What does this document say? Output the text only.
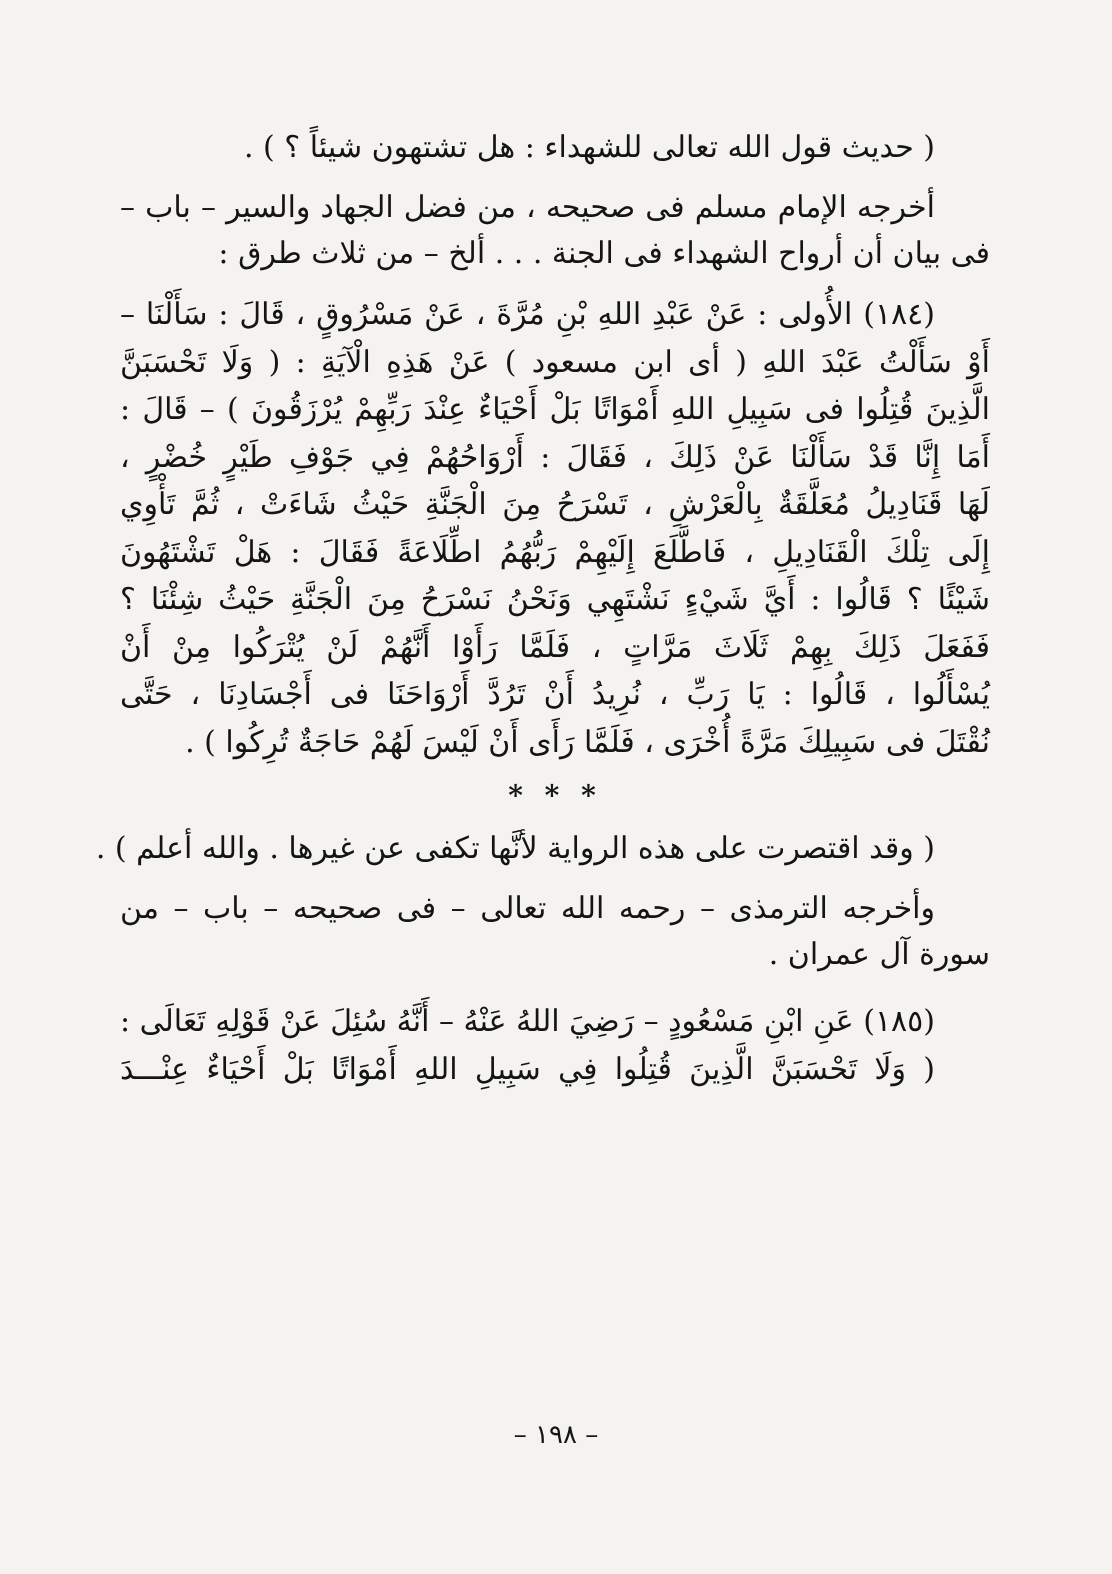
( حديث قول الله تعالى للشهداء : هل تشتهون شيئاً ؟ ) .

أخرجه الإمام مسلم فى صحيحه ، من فضل الجهاد والسير – باب –
فى بيان أن أرواح الشهداء فى الجنة . . . ألخ – من ثلاث طرق :

(١٨٤) الأُولى : عَنْ عَبْدِ اللهِ بْنِ مُرَّةَ ، عَنْ مَسْرُوقٍ ، قَالَ : سَأَلْنَا –
أَوْ سَأَلْتُ عَبْدَ اللهِ ( أى ابن مسعود ) عَنْ هَذِهِ الْآيَةِ : ( وَلَا تَحْسَبَنَّ
الَّذِينَ قُتِلُوا فى سَبِيلِ اللهِ أَمْوَاتًا بَلْ أَحْيَاءٌ عِنْدَ رَبِّهِمْ يُرْزَقُونَ ) – قَالَ :
أَمَا إِنَّا قَدْ سَأَلْنَا عَنْ ذَلِكَ ، فَقَالَ : أَرْوَاحُهُمْ فِي جَوْفِ طَيْرٍ خُضْرٍ ،
لَهَا قَنَادِيلُ مُعَلَّقَةٌ بِالْعَرْشِ ، تَسْرَحُ مِنَ الْجَنَّةِ حَيْثُ شَاءَتْ ، ثُمَّ تَأْوِي
إِلَى تِلْكَ الْقَنَادِيلِ ، فَاطَّلَعَ إِلَيْهِمْ رَبُّهُمُ اطِّلَاعَةً فَقَالَ : هَلْ تَشْتَهُونَ
شَيْئًا ؟ قَالُوا : أَيَّ شَيْءٍ نَشْتَهِي وَنَحْنُ نَسْرَحُ مِنَ الْجَنَّةِ حَيْثُ شِئْنَا ؟
فَفَعَلَ ذَلِكَ بِهِمْ ثَلَاثَ مَرَّاتٍ ، فَلَمَّا رَأَوْا أَنَّهُمْ لَنْ يُتْرَكُوا مِنْ أَنْ
يُسْأَلُوا ، قَالُوا : يَا رَبِّ ، نُرِيدُ أَنْ تَرُدَّ أَرْوَاحَنَا فى أَجْسَادِنَا ، حَتَّى
نُقْتَلَ فى سَبِيلِكَ مَرَّةً أُخْرَى ، فَلَمَّا رَأَى أَنْ لَيْسَ لَهُمْ حَاجَةٌ تُرِكُوا ) .

* * *

( وقد اقتصرت على هذه الرواية لأنَّها تكفى عن غيرها . والله أعلم ) .

وأخرجه الترمذى – رحمه الله تعالى – فى صحيحه – باب – من
سورة آل عمران .

(١٨٥) عَنِ ابْنِ مَسْعُودٍ – رَضِيَ اللهُ عَنْهُ – أَنَّهُ سُئِلَ عَنْ قَوْلِهِ تَعَالَى :
( وَلَا تَحْسَبَنَّ الَّذِينَ قُتِلُوا فِي سَبِيلِ اللهِ أَمْوَاتًا بَلْ أَحْيَاءٌ عِنْـــدَ

– ١٩٨ –
